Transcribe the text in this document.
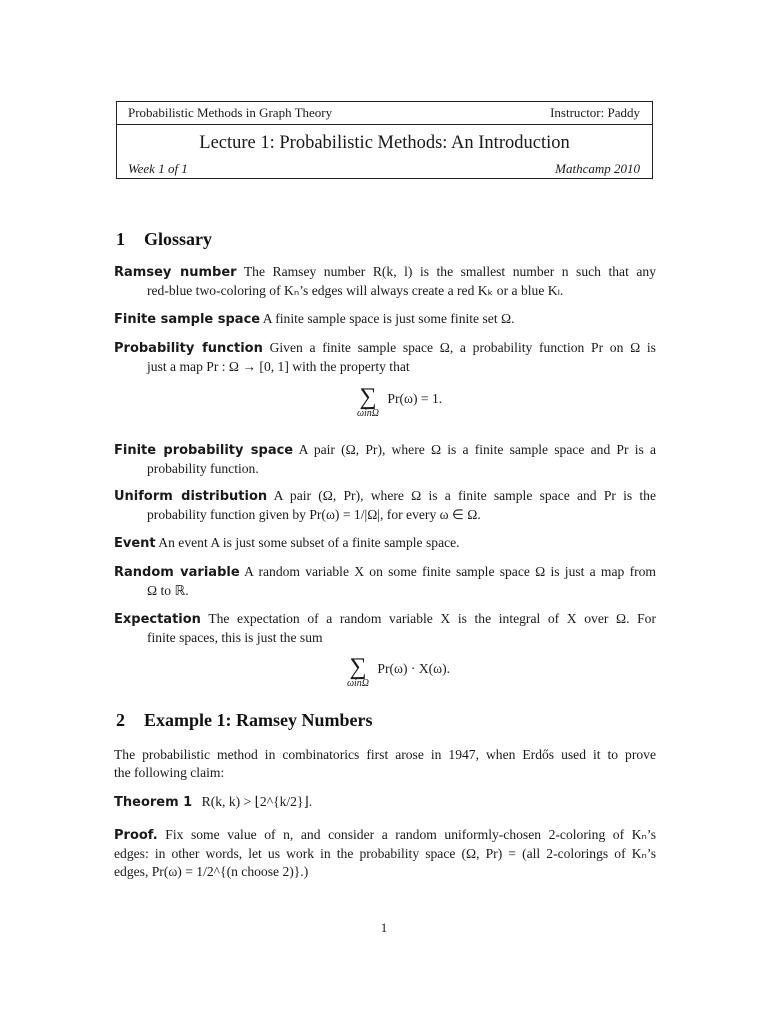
Probabilistic Methods in Graph Theory	Instructor: Paddy
Lecture 1: Probabilistic Methods: An Introduction
Week 1 of 1	Mathcamp 2010
1 Glossary
Ramsey number The Ramsey number R(k, l) is the smallest number n such that any
red-blue two-coloring of Kₙ’s edges will always create a red Kₖ or a blue Kₗ.
Finite sample space A finite sample space is just some finite set Ω.
Probability function Given a finite sample space Ω, a probability function Pr on Ω is
just a map Pr : Ω → [0, 1] with the property that
∑
ωinΩ
Pr(ω) = 1.
Finite probability space A pair (Ω, Pr), where Ω is a finite sample space and Pr is a
probability function.
Uniform distribution A pair (Ω, Pr), where Ω is a finite sample space and Pr is the
probability function given by Pr(ω) = 1/|Ω|, for every ω ∈ Ω.
Event An event A is just some subset of a finite sample space.
Random variable A random variable X on some finite sample space Ω is just a map from
Ω to ℝ.
Expectation The expectation of a random variable X is the integral of X over Ω. For
finite spaces, this is just the sum
∑
ωinΩ
Pr(ω) · X(ω).
2 Example 1: Ramsey Numbers
The probabilistic method in combinatorics first arose in 1947, when Erdős used it to prove
the following claim:
Theorem 1 R(k, k) > ⌊2^{k/2}⌋.
Proof. Fix some value of n, and consider a random uniformly-chosen 2-coloring of Kₙ’s
edges: in other words, let us work in the probability space (Ω, Pr) = (all 2-colorings of Kₙ’s
edges, Pr(ω) = 1/2^{(n choose 2)}.)
1
